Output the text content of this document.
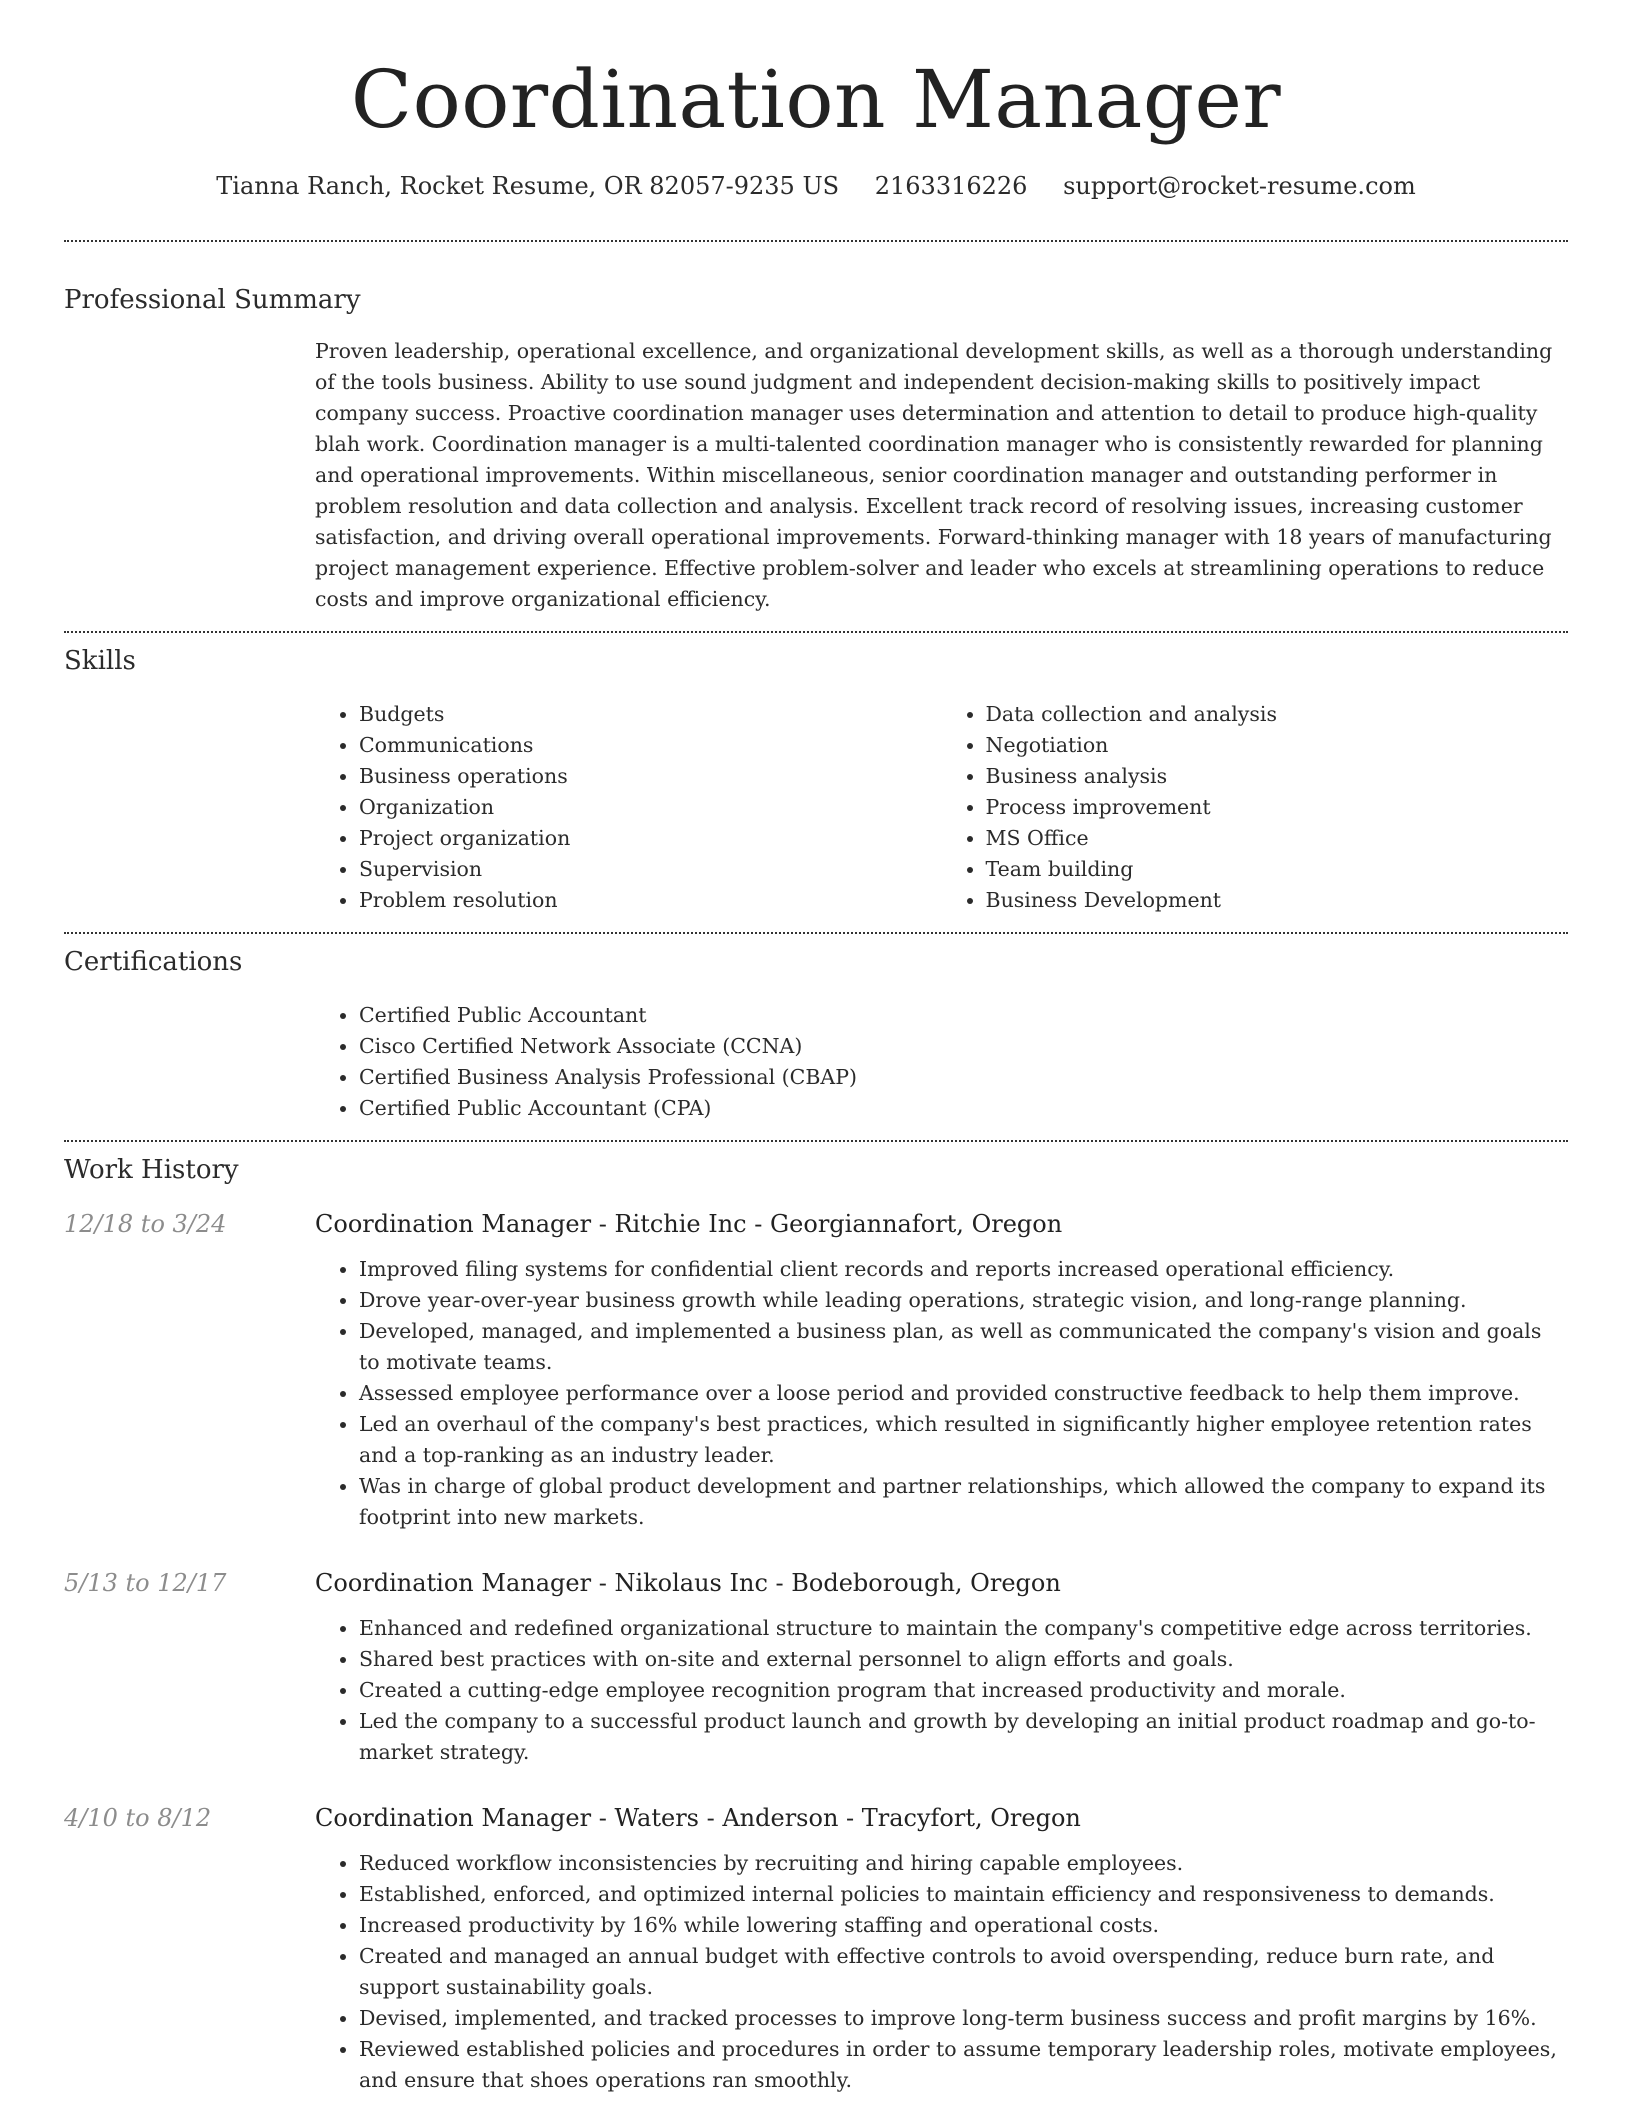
Coordination Manager
Tianna Ranch, Rocket Resume, OR 82057-9235 US 2163316226 support@rocket-resume.com
Professional Summary
Proven leadership, operational excellence, and organizational development skills, as well as a thorough understanding of the tools business. Ability to use sound judgment and independent decision-making skills to positively impact company success. Proactive coordination manager uses determination and attention to detail to produce high-quality blah work. Coordination manager is a multi-talented coordination manager who is consistently rewarded for planning and operational improvements. Within miscellaneous, senior coordination manager and outstanding performer in problem resolution and data collection and analysis. Excellent track record of resolving issues, increasing customer satisfaction, and driving overall operational improvements. Forward-thinking manager with 18 years of manufacturing project management experience. Effective problem-solver and leader who excels at streamlining operations to reduce costs and improve organizational efficiency.
Skills
• Budgets
• Communications
• Business operations
• Organization
• Project organization
• Supervision
• Problem resolution
• Data collection and analysis
• Negotiation
• Business analysis
• Process improvement
• MS Office
• Team building
• Business Development
Certifications
• Certified Public Accountant
• Cisco Certified Network Associate (CCNA)
• Certified Business Analysis Professional (CBAP)
• Certified Public Accountant (CPA)
Work History
12/18 to 3/24	Coordination Manager - Ritchie Inc - Georgiannafort, Oregon
• Improved filing systems for confidential client records and reports increased operational efficiency.
• Drove year-over-year business growth while leading operations, strategic vision, and long-range planning.
• Developed, managed, and implemented a business plan, as well as communicated the company's vision and goals to motivate teams.
• Assessed employee performance over a loose period and provided constructive feedback to help them improve.
• Led an overhaul of the company's best practices, which resulted in significantly higher employee retention rates and a top-ranking as an industry leader.
• Was in charge of global product development and partner relationships, which allowed the company to expand its footprint into new markets.
5/13 to 12/17	Coordination Manager - Nikolaus Inc - Bodeborough, Oregon
• Enhanced and redefined organizational structure to maintain the company's competitive edge across territories.
• Shared best practices with on-site and external personnel to align efforts and goals.
• Created a cutting-edge employee recognition program that increased productivity and morale.
• Led the company to a successful product launch and growth by developing an initial product roadmap and go-to-market strategy.
4/10 to 8/12	Coordination Manager - Waters - Anderson - Tracyfort, Oregon
• Reduced workflow inconsistencies by recruiting and hiring capable employees.
• Established, enforced, and optimized internal policies to maintain efficiency and responsiveness to demands.
• Increased productivity by 16% while lowering staffing and operational costs.
• Created and managed an annual budget with effective controls to avoid overspending, reduce burn rate, and support sustainability goals.
• Devised, implemented, and tracked processes to improve long-term business success and profit margins by 16%.
• Reviewed established policies and procedures in order to assume temporary leadership roles, motivate employees, and ensure that shoes operations ran smoothly.
